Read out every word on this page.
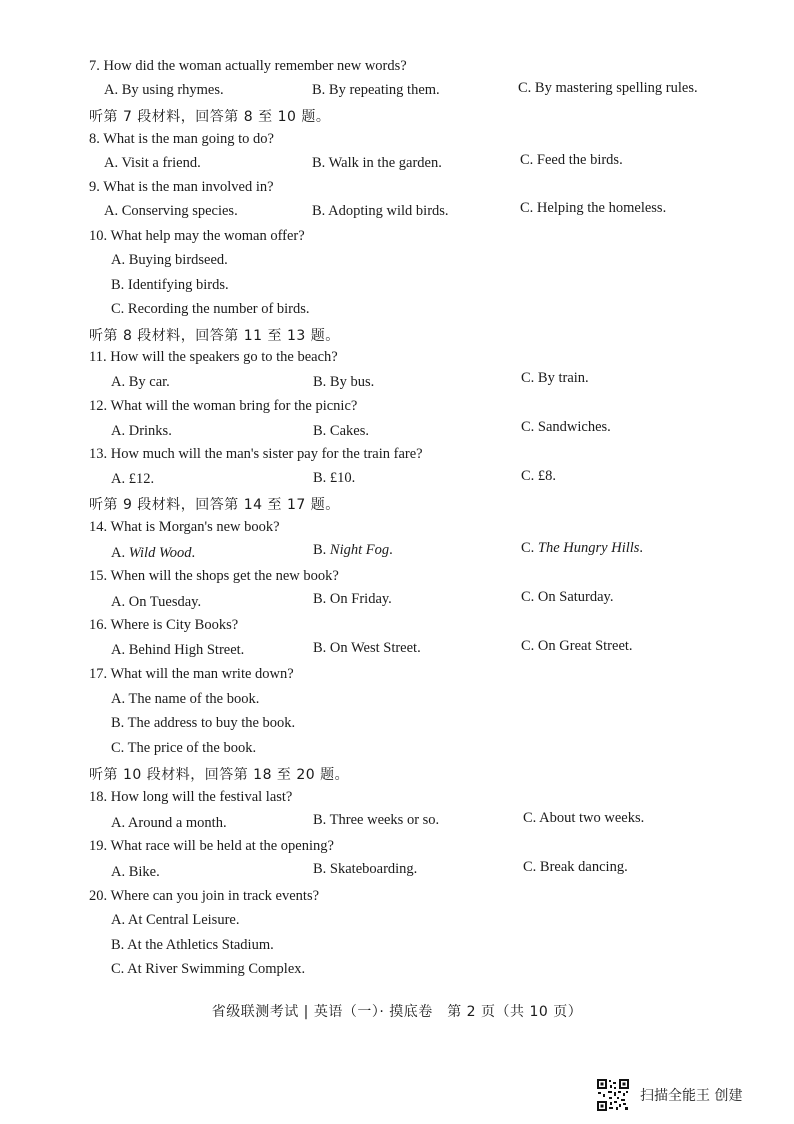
7. How did the woman actually remember new words?
A. By using rhymes.	B. By repeating them.	C. By mastering spelling rules.
听第 7 段材料，回答第 8 至 10 题。
8. What is the man going to do?
A. Visit a friend.	B. Walk in the garden.	C. Feed the birds.
9. What is the man involved in?
A. Conserving species.	B. Adopting wild birds.	C. Helping the homeless.
10. What help may the woman offer?
A. Buying birdseed.
B. Identifying birds.
C. Recording the number of birds.
听第 8 段材料，回答第 11 至 13 题。
11. How will the speakers go to the beach?
A. By car.	B. By bus.	C. By train.
12. What will the woman bring for the picnic?
A. Drinks.	B. Cakes.	C. Sandwiches.
13. How much will the man's sister pay for the train fare?
A. £12.	B. £10.	C. £8.
听第 9 段材料，回答第 14 至 17 题。
14. What is Morgan's new book?
A. Wild Wood.	B. Night Fog.	C. The Hungry Hills.
15. When will the shops get the new book?
A. On Tuesday.	B. On Friday.	C. On Saturday.
16. Where is City Books?
A. Behind High Street.	B. On West Street.	C. On Great Street.
17. What will the man write down?
A. The name of the book.
B. The address to buy the book.
C. The price of the book.
听第 10 段材料，回答第 18 至 20 题。
18. How long will the festival last?
A. Around a month.	B. Three weeks or so.	C. About two weeks.
19. What race will be held at the opening?
A. Bike.	B. Skateboarding.	C. Break dancing.
20. Where can you join in track events?
A. At Central Leisure.
B. At the Athletics Stadium.
C. At River Swimming Complex.
省级联测考试 | 英语（一）· 摸底卷　第 2 页（共 10 页）
扫描全能王 创建
